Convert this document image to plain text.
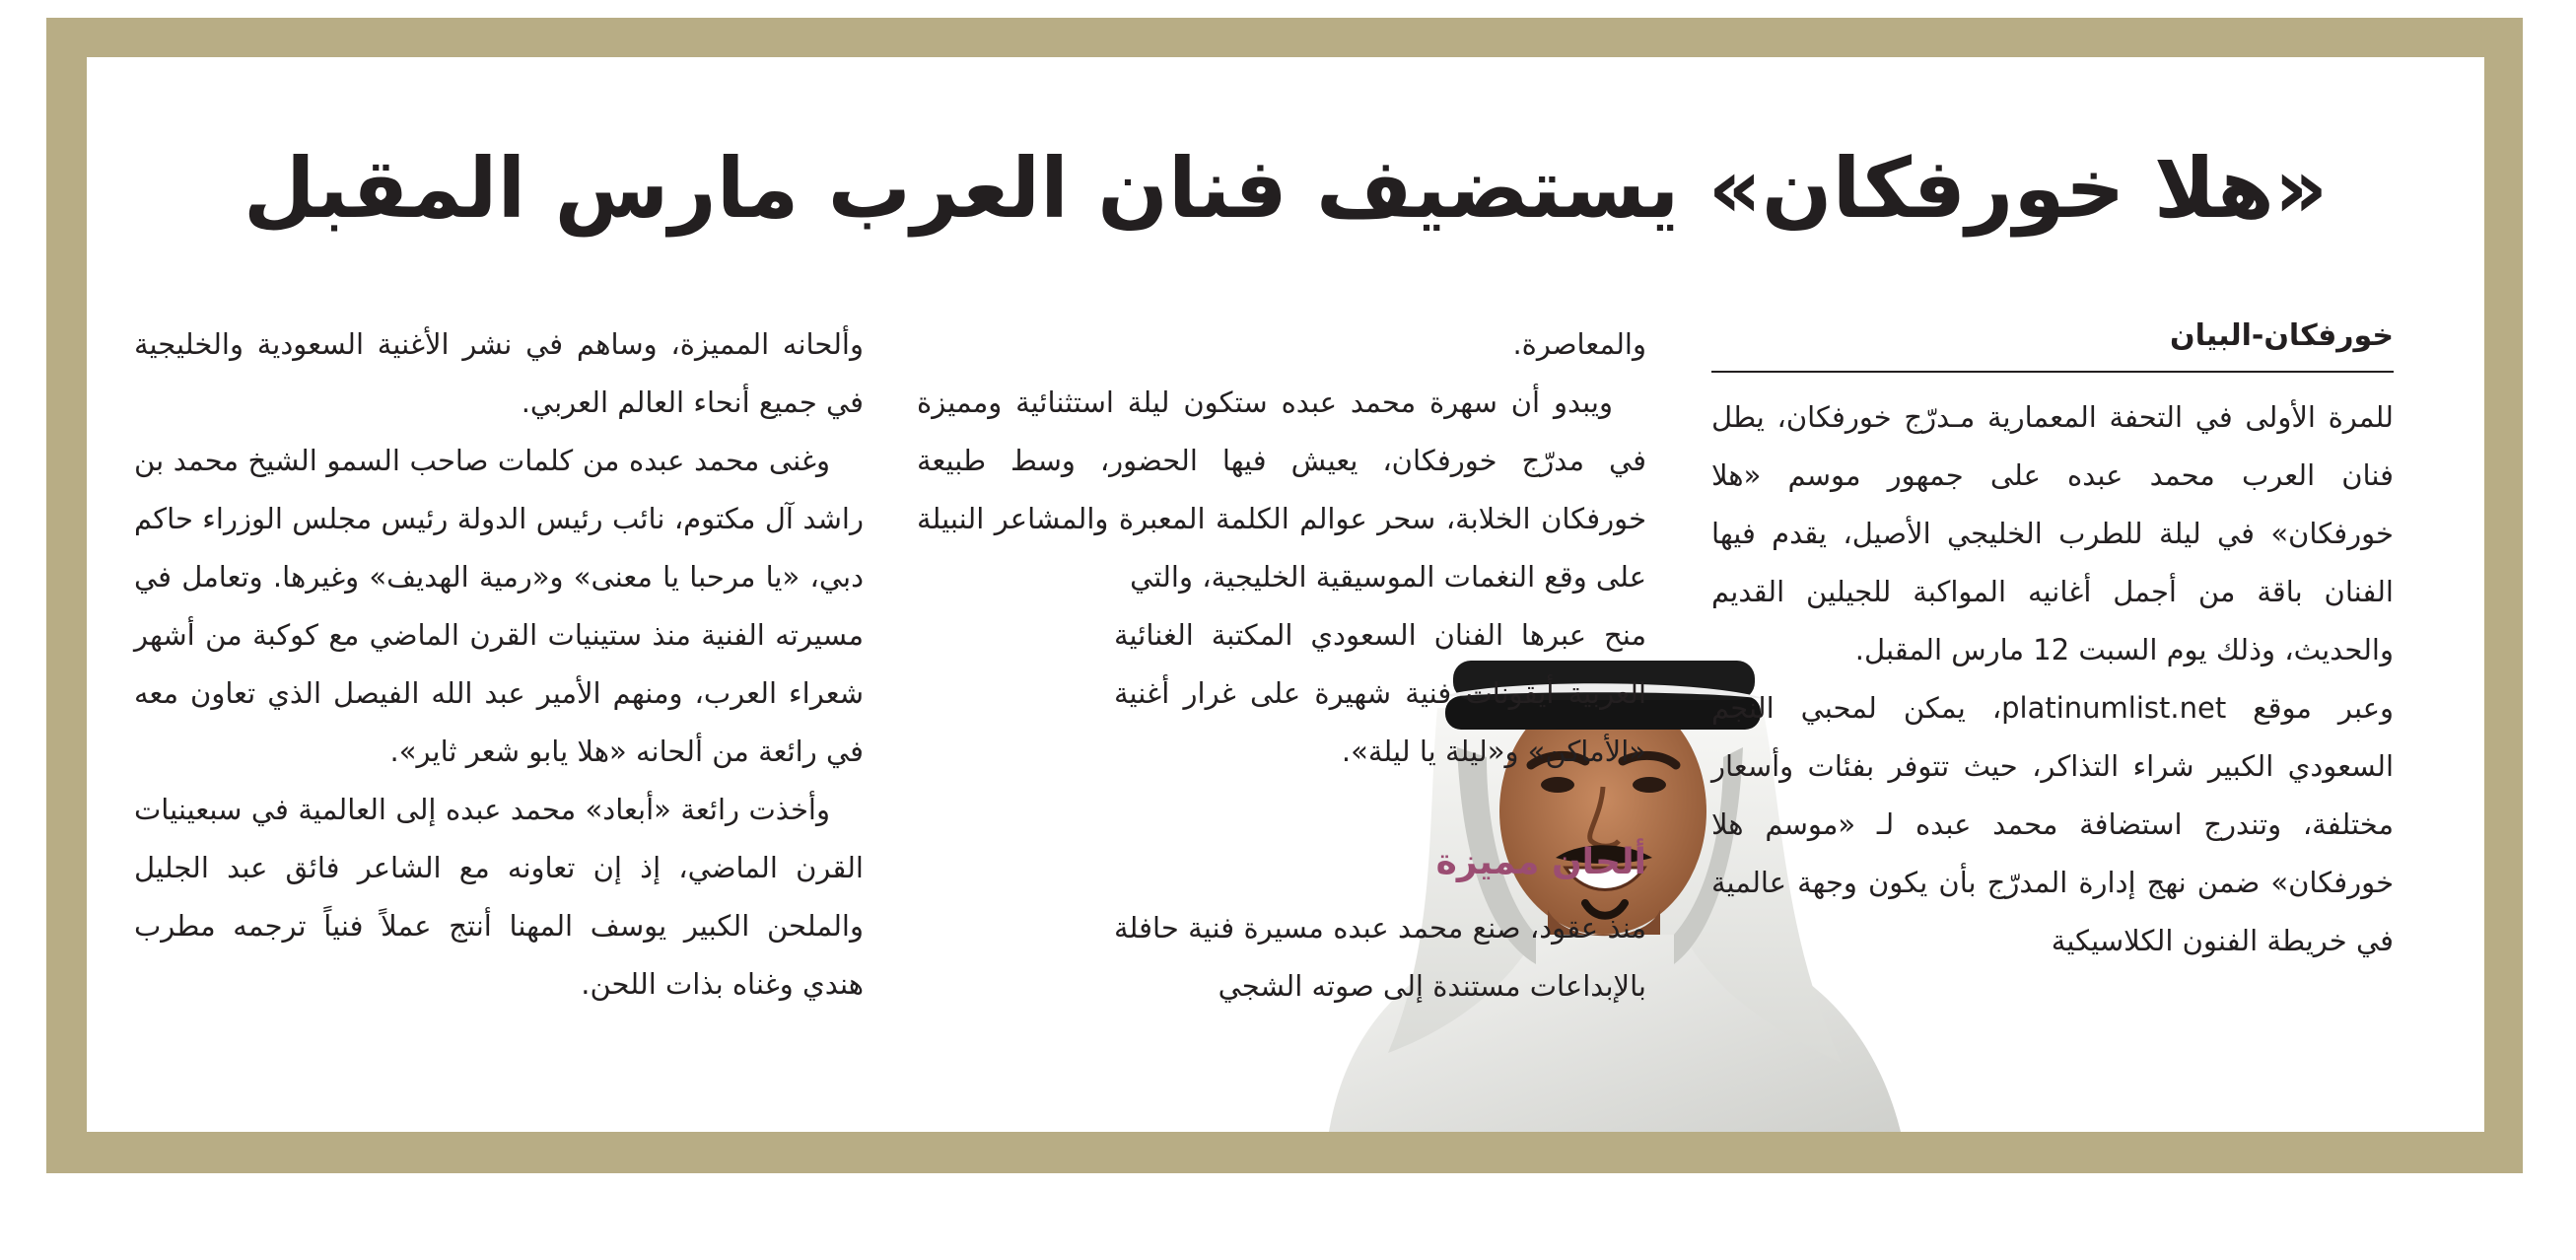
«هلا خورفكان» يستضيف فنان العرب مارس المقبل
خورفكان-البيان

للمرة الأولى في التحفة المعمارية مـدرّج خورفكان، يطل فنان العرب محمد عبده على جمهور موسم «هلا خورفكان» في ليلة للطرب الخليجي الأصيل، يقدم فيها الفنان باقة من أجمل أغانيه المواكبة للجيلين القديم والحديث، وذلك يوم السبت 12 مارس المقبل.

وعبر موقع platinumlist.net، يمكن لمحبي النجم السعودي الكبير شراء التذاكر، حيث تتوفر بفئات وأسعار مختلفة، وتندرج استضافة محمد عبده لـ «موسم هلا خورفكان» ضمن نهج إدارة المدرّج بأن يكون وجهة عالمية في خريطة الفنون الكلاسيكية

والمعاصرة.

ويبدو أن سهرة محمد عبده ستكون ليلة استثنائية ومميزة في مدرّج خورفكان، يعيش فيها الحضور، وسط طبيعة خورفكان الخلابة، سحر عوالم الكلمة المعبرة والمشاعر النبيلة على وقع النغمات الموسيقية الخليجية، والتي

منح عبرها الفنان السعودي المكتبة الغنائية العربية أيقونات فنية شهيرة على غرار أغنية «الأماكن» و«ليلة يا ليلة».

ألحان مميزة

منذ عقود، صنع محمد عبده مسيرة فنية حافلة بالإبداعات مستندة إلى صوته الشجي

وألحانه المميزة، وساهم في نشر الأغنية السعودية والخليجية في جميع أنحاء العالم العربي.

وغنى محمد عبده من كلمات صاحب السمو الشيخ محمد بن راشد آل مكتوم، نائب رئيس الدولة رئيس مجلس الوزراء حاكم دبي، «يا مرحبا يا معنى» و«رمية الهديف» وغيرها. وتعامل في مسيرته الفنية منذ ستينيات القرن الماضي مع كوكبة من أشهر شعراء العرب، ومنهم الأمير عبد الله الفيصل الذي تعاون معه في رائعة من ألحانه «هلا يابو شعر ثاير».

وأخذت رائعة «أبعاد» محمد عبده إلى العالمية في سبعينيات القرن الماضي، إذ إن تعاونه مع الشاعر فائق عبد الجليل والملحن الكبير يوسف المهنا أنتج عملاً فنياً ترجمه مطرب هندي وغناه بذات اللحن.
